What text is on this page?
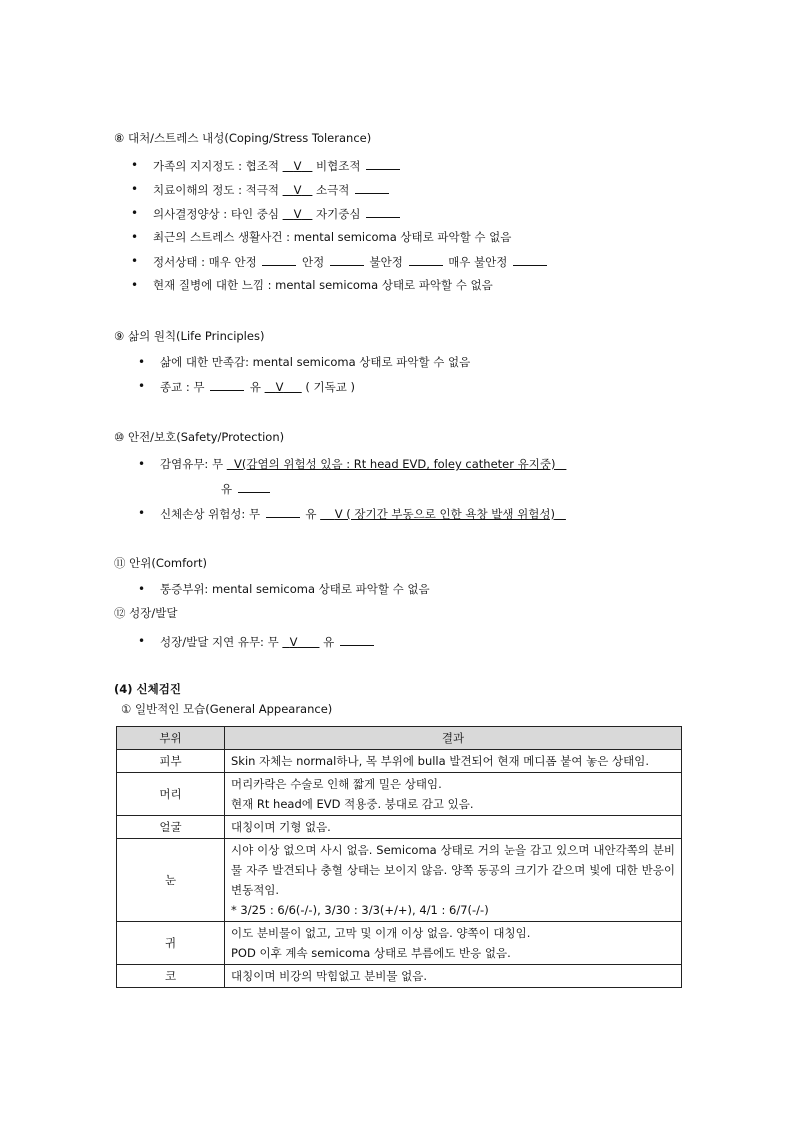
⑧ 대처/스트레스 내성(Coping/Stress Tolerance)
• 가족의 지지정도 : 협조적    V    비협조적
• 치료이해의 정도 : 적극적    V    소극적
• 의사결정양상 : 타인 중심    V    자기중심
• 최근의 스트레스 생활사건 : mental semicoma 상태로 파악할 수 없음
• 정서상태 : 매우 안정	안정	불안정	매우 불안정
• 현재 질병에 대한 느낌 : mental semicoma 상태로 파악할 수 없음
⑨ 삶의 원칙(Life Principles)
• 삶에 대한 만족감: mental semicoma 상태로 파악할 수 없음
• 종교 : 무	유    V      ( 기독교 )
⑩ 안전/보호(Safety/Protection)
• 감염유무: 무   V(감염의 위험성 있음 : Rt head EVD, foley catheter 유지중)
유
• 신체손상 위험성: 무	유     V ( 장기간 부동으로 인한 욕창 발생 위험성)
⑪ 안위(Comfort)
• 통증부위: mental semicoma 상태로 파악할 수 없음
⑫ 성장/발달
• 성장/발달 지연 유무: 무   V       유
(4) 신체검진
① 일반적인 모습(General Appearance)
부위	결과
피부	Skin 자체는 normal하나, 목 부위에 bulla 발견되어 현재 메디폼 붙여 놓은 상태임.

머리	머리카락은 수술로 인해 짧게 밀은 상태임.
현재 Rt head에 EVD 적용중. 붕대로 감고 있음.

얼굴	대칭이며 기형 없음.

눈	시야 이상 없으며 사시 없음. Semicoma 상태로 거의 눈을 감고 있으며 내안각쪽의 분비물 자주 발견되나 충혈 상태는 보이지 않음. 양쪽 동공의 크기가 같으며 빛에 대한 반응이 변동적임.
* 3/25 : 6/6(-/-), 3/30 : 3/3(+/+), 4/1 : 6/7(-/-)

귀	이도 분비물이 없고, 고막 및 이개 이상 없음. 양쪽이 대칭임.
POD 이후 계속 semicoma 상태로 부름에도 반응 없음.

코	대칭이며 비강의 막힘없고 분비물 없음.
